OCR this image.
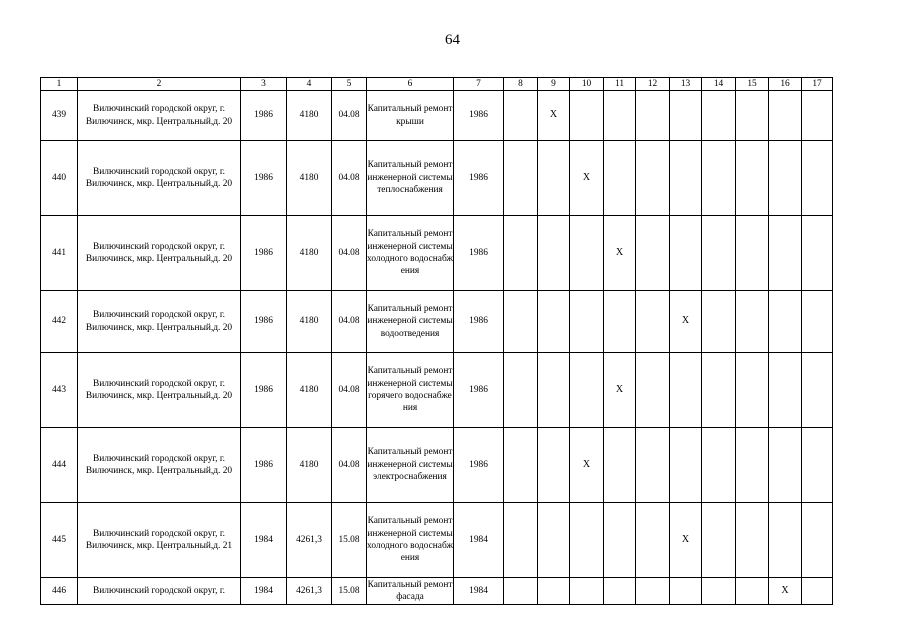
64
1	2	3	4	5	6	7	8	9	10	11	12	13	14	15	16	17
439	Вилючинский городской округ, г. Вилючинск, мкр. Центральный,д. 20	1986	4180	04.08	Капитальный ремонт крыши	1986		Х								
440	Вилючинский городской округ, г. Вилючинск, мкр. Центральный,д. 20	1986	4180	04.08	Капитальный ремонт инженерной системы теплоснабжения	1986			Х							
441	Вилючинский городской округ, г. Вилючинск, мкр. Центральный,д. 20	1986	4180	04.08	Капитальный ремонт инженерной системы холодного водоснабжения	1986				Х						
442	Вилючинский городской округ, г. Вилючинск, мкр. Центральный,д. 20	1986	4180	04.08	Капитальный ремонт инженерной системы водоотведения	1986						Х				
443	Вилючинский городской округ, г. Вилючинск, мкр. Центральный,д. 20	1986	4180	04.08	Капитальный ремонт инженерной системы горячего водоснабжения	1986				Х						
444	Вилючинский городской округ, г. Вилючинск, мкр. Центральный,д. 20	1986	4180	04.08	Капитальный ремонт инженерной системы электроснабжения	1986			Х							
445	Вилючинский городской округ, г. Вилючинск, мкр. Центральный,д. 21	1984	4261,3	15.08	Капитальный ремонт инженерной системы холодного водоснабжения	1984						Х				
446	Вилючинский городской округ, г.	1984	4261,3	15.08	Капитальный ремонт фасада	1984									Х	
